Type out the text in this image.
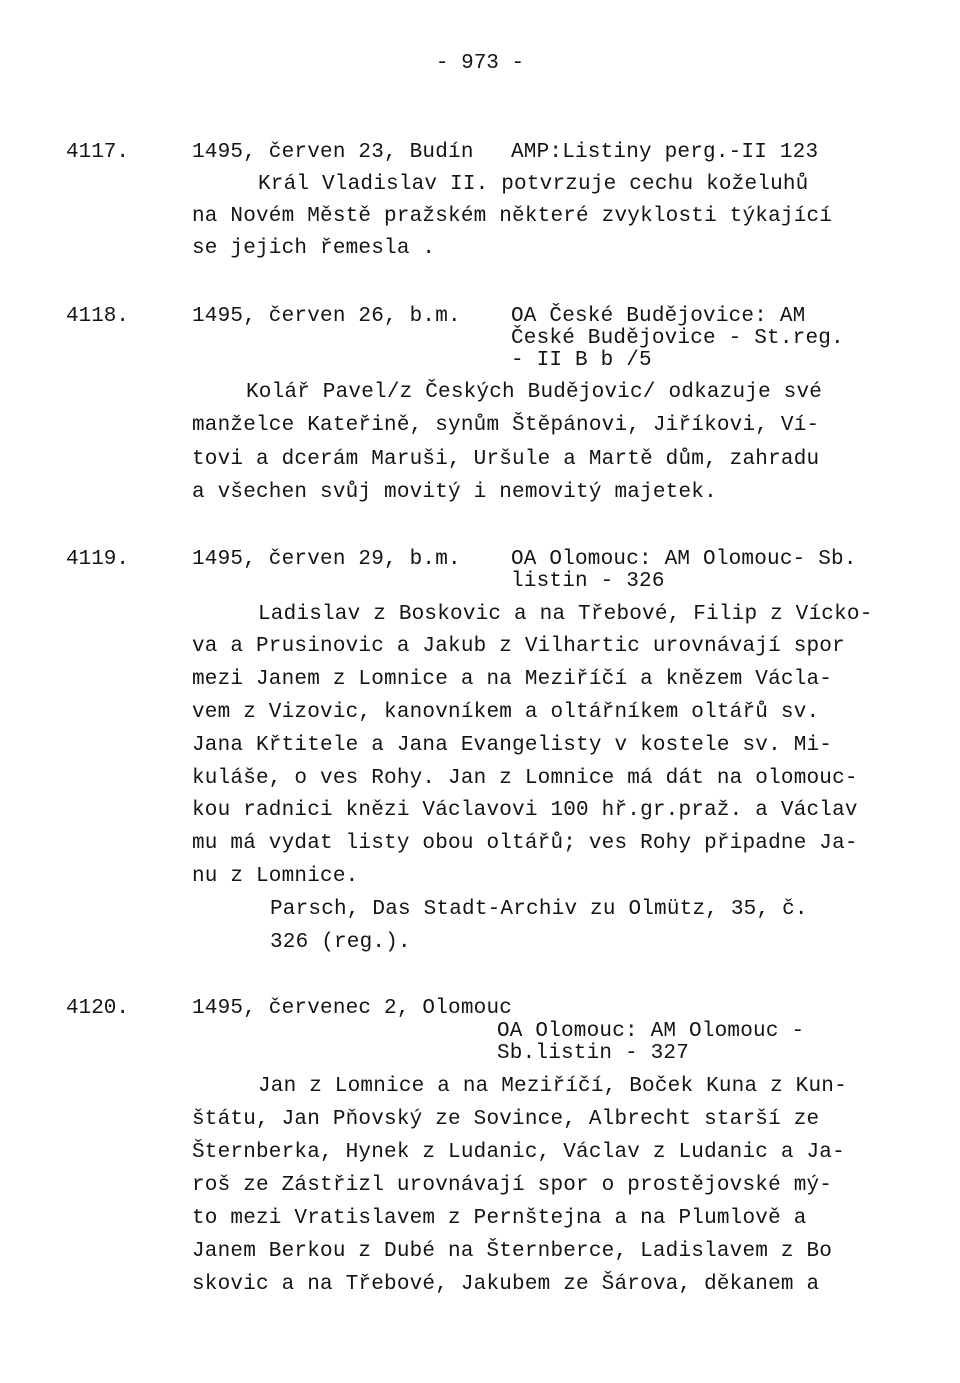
- 973 -
4117.	1495, červen 23, Budín AMP:Listiny perg.-II 123
Král Vladislav II. potvrzuje cechu koželuhů
na Novém Městě pražském některé zvyklosti týkající
se jejich řemesla .
4118.	1495, červen 26, b.m. OA České Budějovice: AM
České Budějovice - St.reg.
- II B b /5
Kolář Pavel/z Českých Budějovic/ odkazuje své
manželce Kateřině, synům Štěpánovi, Jiříkovi, Ví-
tovi a dcerám Maruši, Uršule a Martě dům, zahradu
a všechen svůj movitý i nemovitý majetek.
4119.	1495, červen 29, b.m. OA Olomouc: AM Olomouc- Sb.
listin - 326
Ladislav z Boskovic a na Třebové, Filip z Vícko-
va a Prusinovic a Jakub z Vilhartic urovnávají spor
mezi Janem z Lomnice a na Meziříčí a knězem Václa-
vem z Vizovic, kanovníkem a oltářníkem oltářů sv.
Jana Křtitele a Jana Evangelisty v kostele sv. Mi-
kuláše, o ves Rohy. Jan z Lomnice má dát na olomouc-
kou radnici knězi Václavovi 100 hř.gr.praž. a Václav
mu má vydat listy obou oltářů; ves Rohy připadne Ja-
nu z Lomnice.
Parsch, Das Stadt-Archiv zu Olmütz, 35, č.
326 (reg.).
4120.	1495, červenec 2, Olomouc
OA Olomouc: AM Olomouc -
Sb.listin - 327
Jan z Lomnice a na Meziříčí, Boček Kuna z Kun-
štátu, Jan Pňovský ze Sovince, Albrecht starší ze
Šternberka, Hynek z Ludanic, Václav z Ludanic a Ja-
roš ze Zástřizl urovnávají spor o prostějovské mý-
to mezi Vratislavem z Pernštejna a na Plumlově a
Janem Berkou z Dubé na Šternberce, Ladislavem z Bo
skovic a na Třebové, Jakubem ze Šárova, děkanem a
